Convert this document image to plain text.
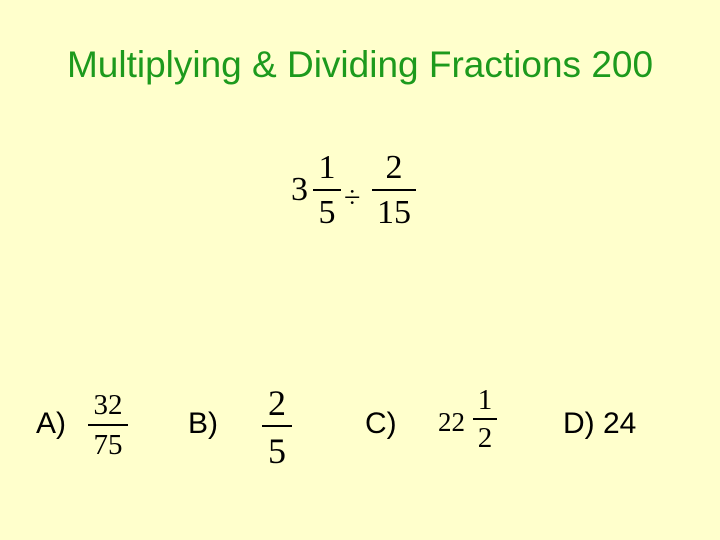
Multiplying & Dividing Fractions 200
3
1
5 ÷
2
15
A)
32
75
B)
2
5
C) 22
1
2 D) 24
